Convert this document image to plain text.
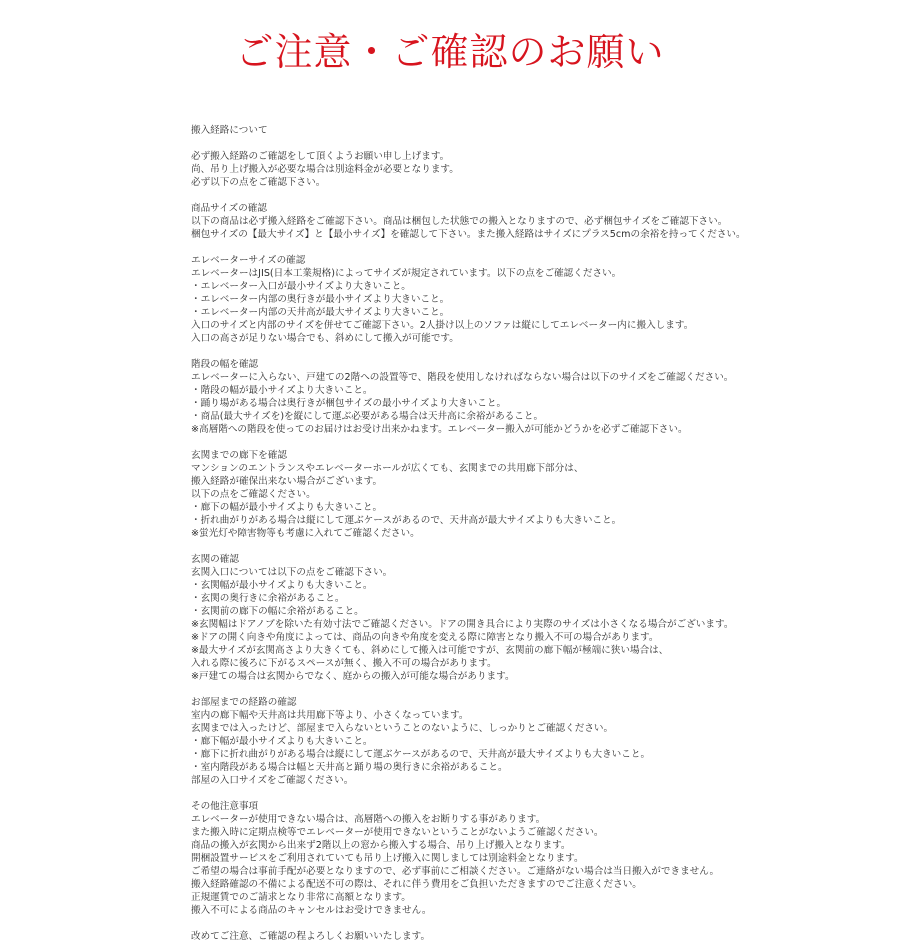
ご注意・ご確認のお願い
搬入経路について
必ず搬入経路のご確認をして頂くようお願い申し上げます。
尚、吊り上げ搬入が必要な場合は別途料金が必要となります。
必ず以下の点をご確認下さい。
商品サイズの確認
以下の商品は必ず搬入経路をご確認下さい。商品は梱包した状態での搬入となりますので、必ず梱包サイズをご確認下さい。
梱包サイズの【最大サイズ】と【最小サイズ】を確認して下さい。また搬入経路はサイズにプラス5cmの余裕を持ってください。
エレベーターサイズの確認
エレベーターはJIS(日本工業規格)によってサイズが規定されています。以下の点をご確認ください。
・エレベーター入口が最小サイズより大きいこと。
・エレベーター内部の奥行きが最小サイズより大きいこと。
・エレベーター内部の天井高が最大サイズより大きいこと。
入口のサイズと内部のサイズを併せてご確認下さい。2人掛け以上のソファは縦にしてエレベーター内に搬入します。
入口の高さが足りない場合でも、斜めにして搬入が可能です。
階段の幅を確認
エレベーターに入らない、戸建ての2階への設置等で、階段を使用しなければならない場合は以下のサイズをご確認ください。
・階段の幅が最小サイズより大きいこと。
・踊り場がある場合は奥行きが梱包サイズの最小サイズより大きいこと。
・商品(最大サイズを)を縦にして運ぶ必要がある場合は天井高に余裕があること。
※高層階への階段を使ってのお届けはお受け出来かねます。エレベーター搬入が可能かどうかを必ずご確認下さい。
玄関までの廊下を確認
マンションのエントランスやエレベーターホールが広くても、玄関までの共用廊下部分は、
搬入経路が確保出来ない場合がございます。
以下の点をご確認ください。
・廊下の幅が最小サイズよりも大きいこと。
・折れ曲がりがある場合は縦にして運ぶケースがあるので、天井高が最大サイズよりも大きいこと。
※蛍光灯や障害物等も考慮に入れてご確認ください。
玄関の確認
玄関入口については以下の点をご確認下さい。
・玄関幅が最小サイズよりも大きいこと。
・玄関の奥行きに余裕があること。
・玄関前の廊下の幅に余裕があること。
※玄関幅はドアノブを除いた有効寸法でご確認ください。ドアの開き具合により実際のサイズは小さくなる場合がございます。
※ドアの開く向きや角度によっては、商品の向きや角度を変える際に障害となり搬入不可の場合があります。
※最大サイズが玄関高さより大きくても、斜めにして搬入は可能ですが、玄関前の廊下幅が極端に狭い場合は、
入れる際に後ろに下がるスペースが無く、搬入不可の場合があります。
※戸建ての場合は玄関からでなく、庭からの搬入が可能な場合があります。
お部屋までの経路の確認
室内の廊下幅や天井高は共用廊下等より、小さくなっています。
玄関までは入ったけど、部屋まで入らないということのないように、しっかりとご確認ください。
・廊下幅が最小サイズよりも大きいこと。
・廊下に折れ曲がりがある場合は縦にして運ぶケースがあるので、天井高が最大サイズよりも大きいこと。
・室内階段がある場合は幅と天井高と踊り場の奥行きに余裕があること。
部屋の入口サイズをご確認ください。
その他注意事項
エレベーターが使用できない場合は、高層階への搬入をお断りする事があります。
また搬入時に定期点検等でエレベーターが使用できないということがないようご確認ください。
商品の搬入が玄関から出来ず2階以上の窓から搬入する場合、吊り上げ搬入となります。
開梱設置サービスをご利用されていても吊り上げ搬入に関しましては別途料金となります。
ご希望の場合は事前手配が必要となりますので、必ず事前にご相談ください。ご連絡がない場合は当日搬入ができません。
搬入経路確認の不備による配送不可の際は、それに伴う費用をご負担いただきますのでご注意ください。
正規運賃でのご請求となり非常に高額となります。
搬入不可による商品のキャンセルはお受けできません。
改めてご注意、ご確認の程よろしくお願いいたします。
